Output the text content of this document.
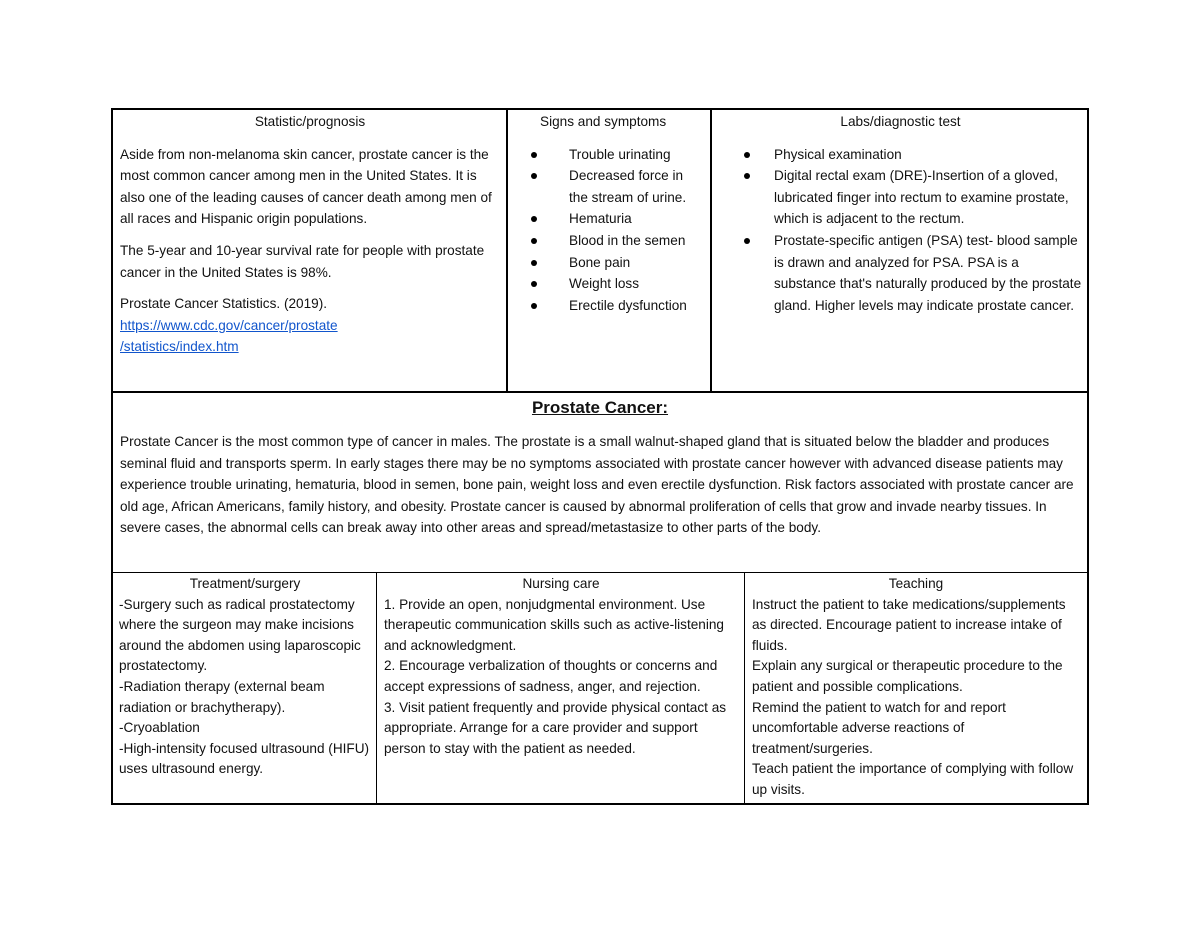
Statistic/prognosis

Aside from non-melanoma skin cancer, prostate cancer is the most common cancer among men in the United States. It is also one of the leading causes of cancer death among men of all races and Hispanic origin populations.

The 5-year and 10-year survival rate for people with prostate cancer in the United States is 98%.

Prostate Cancer Statistics. (2019).

https://www.cdc.gov/cancer/prostate
/statistics/index.htm

Signs and symptoms

Trouble urinating
Decreased force in the stream of urine.
Hematuria
Blood in the semen
Bone pain
Weight loss
Erectile dysfunction

Labs/diagnostic test

Physical examination
Digital rectal exam (DRE)-Insertion of a gloved, lubricated finger into rectum to examine prostate, which is adjacent to the rectum.
Prostate-specific antigen (PSA) test- blood sample is drawn and analyzed for PSA. PSA is a substance that's naturally produced by the prostate gland. Higher levels may indicate prostate cancer.

Prostate Cancer:

Prostate Cancer is the most common type of cancer in males. The prostate is a small walnut-shaped gland that is situated below the bladder and produces seminal fluid and transports sperm. In early stages there may be no symptoms associated with prostate cancer however with advanced disease patients may experience trouble urinating, hematuria, blood in semen, bone pain, weight loss and even erectile dysfunction. Risk factors associated with prostate cancer are old age, African Americans, family history, and obesity. Prostate cancer is caused by abnormal proliferation of cells that grow and invade nearby tissues. In severe cases, the abnormal cells can break away into other areas and spread/metastasize to other parts of the body.

Treatment/surgery

-Surgery such as radical prostatectomy where the surgeon may make incisions around the abdomen using laparoscopic prostatectomy.

-Radiation therapy (external beam radiation or brachytherapy).

-Cryoablation

-High-intensity focused ultrasound (HIFU) uses ultrasound energy.

Nursing care

1. Provide an open, nonjudgmental environment. Use therapeutic communication skills such as active-listening and acknowledgment.

2. Encourage verbalization of thoughts or concerns and accept expressions of sadness, anger, and rejection.

3. Visit patient frequently and provide physical contact as appropriate. Arrange for a care provider and support person to stay with the patient as needed.

Teaching

Instruct the patient to take medications/supplements as directed. Encourage patient to increase intake of fluids.

Explain any surgical or therapeutic procedure to the patient and possible complications.

Remind the patient to watch for and report uncomfortable adverse reactions of treatment/surgeries.

Teach patient the importance of complying with follow up visits.
